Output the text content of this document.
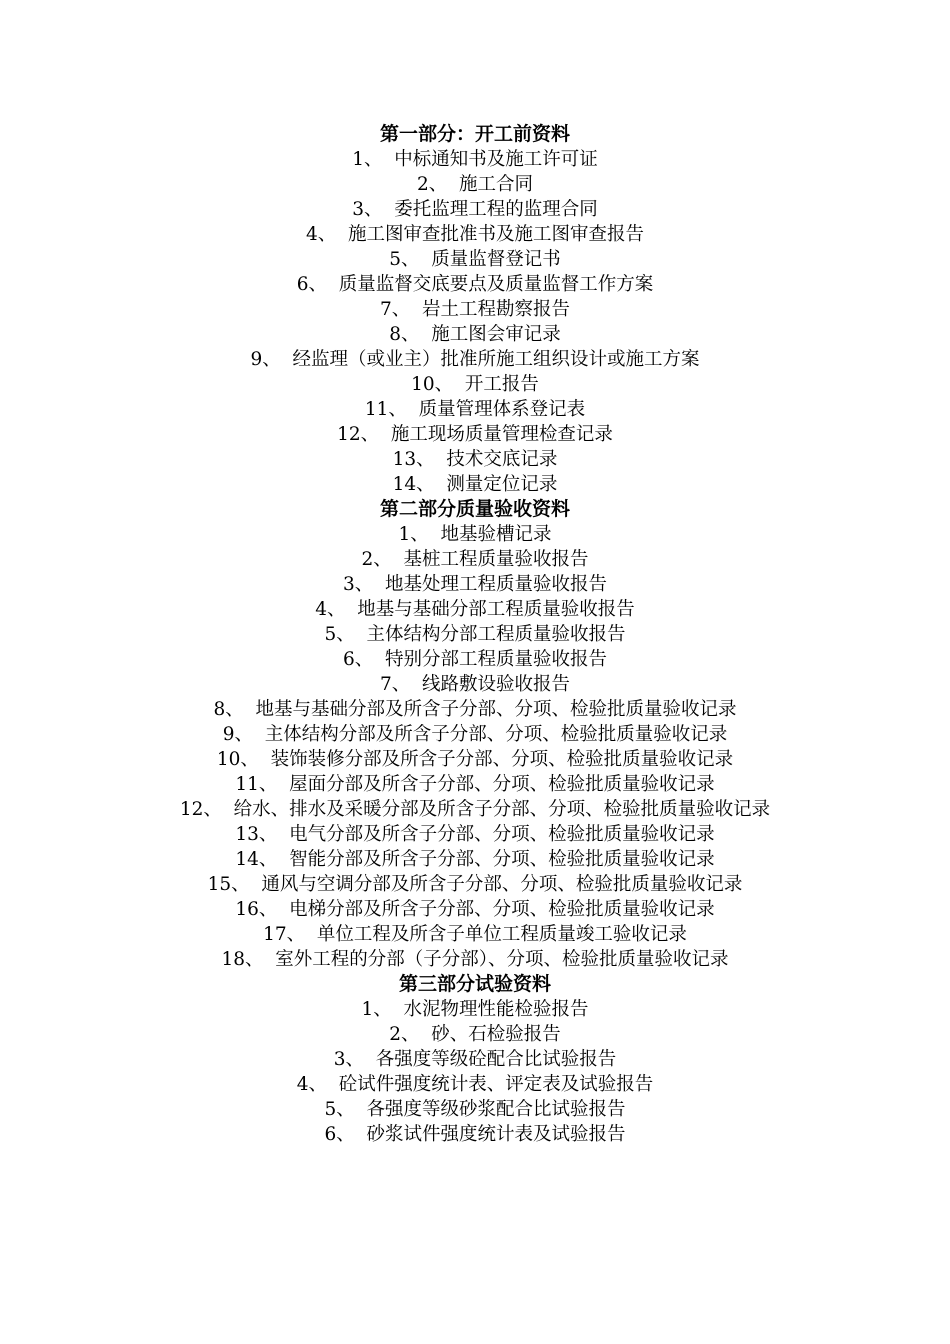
第一部分：开工前资料
1、 中标通知书及施工许可证
2、 施工合同
3、 委托监理工程的监理合同
4、 施工图审查批准书及施工图审查报告
5、 质量监督登记书
6、 质量监督交底要点及质量监督工作方案
7、 岩土工程勘察报告
8、 施工图会审记录
9、 经监理（或业主）批准所施工组织设计或施工方案
10、 开工报告
11、 质量管理体系登记表
12、 施工现场质量管理检查记录
13、 技术交底记录
14、 测量定位记录
第二部分质量验收资料
1、 地基验槽记录
2、 基桩工程质量验收报告
3、 地基处理工程质量验收报告
4、 地基与基础分部工程质量验收报告
5、 主体结构分部工程质量验收报告
6、 特别分部工程质量验收报告
7、 线路敷设验收报告
8、 地基与基础分部及所含子分部、分项、检验批质量验收记录
9、 主体结构分部及所含子分部、分项、检验批质量验收记录
10、 装饰装修分部及所含子分部、分项、检验批质量验收记录
11、 屋面分部及所含子分部、分项、检验批质量验收记录
12、 给水、排水及采暖分部及所含子分部、分项、检验批质量验收记录
13、 电气分部及所含子分部、分项、检验批质量验收记录
14、 智能分部及所含子分部、分项、检验批质量验收记录
15、 通风与空调分部及所含子分部、分项、检验批质量验收记录
16、 电梯分部及所含子分部、分项、检验批质量验收记录
17、 单位工程及所含子单位工程质量竣工验收记录
18、 室外工程的分部（子分部）、分项、检验批质量验收记录
第三部分试验资料
1、 水泥物理性能检验报告
2、 砂、石检验报告
3、 各强度等级砼配合比试验报告
4、 砼试件强度统计表、评定表及试验报告
5、 各强度等级砂浆配合比试验报告
6、 砂浆试件强度统计表及试验报告
